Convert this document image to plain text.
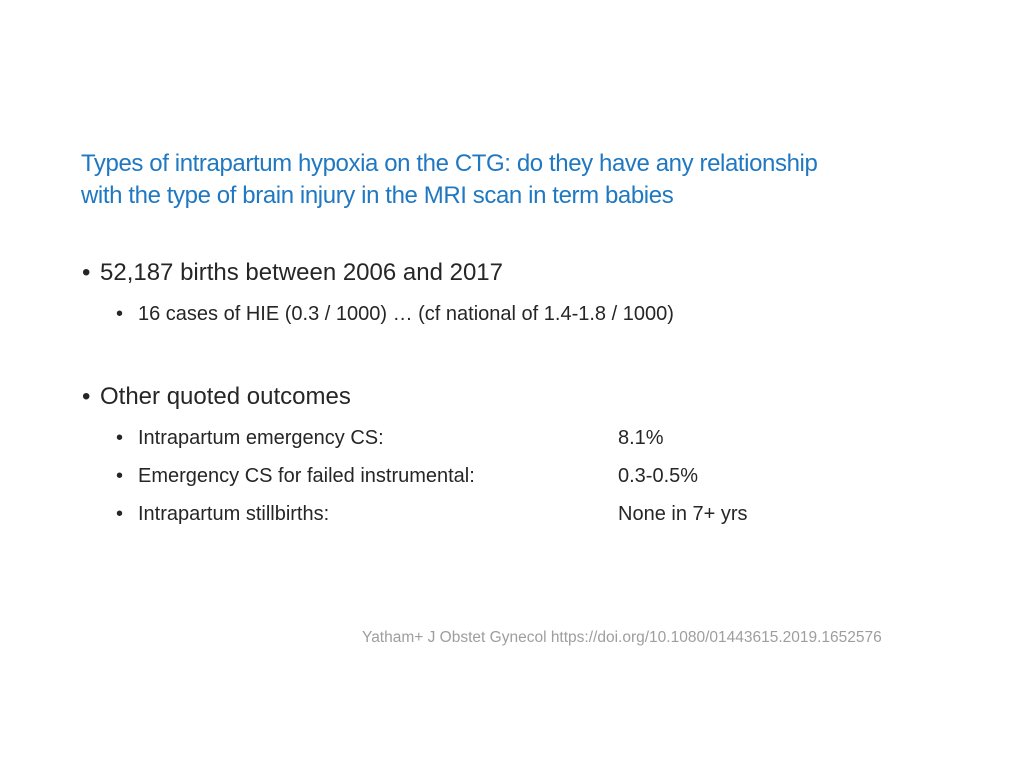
Types of intrapartum hypoxia on the CTG: do they have any relationship
with the type of brain injury in the MRI scan in term babies
• 52,187 births between 2006 and 2017
• 16 cases of HIE (0.3 / 1000) … (cf national of 1.4-1.8 / 1000)
• Other quoted outcomes
• Intrapartum emergency CS:	8.1%
• Emergency CS for failed instrumental:	0.3-0.5%
• Intrapartum stillbirths:	None in 7+ yrs
Yatham+ J Obstet Gynecol https://doi.org/10.1080/01443615.2019.1652576
